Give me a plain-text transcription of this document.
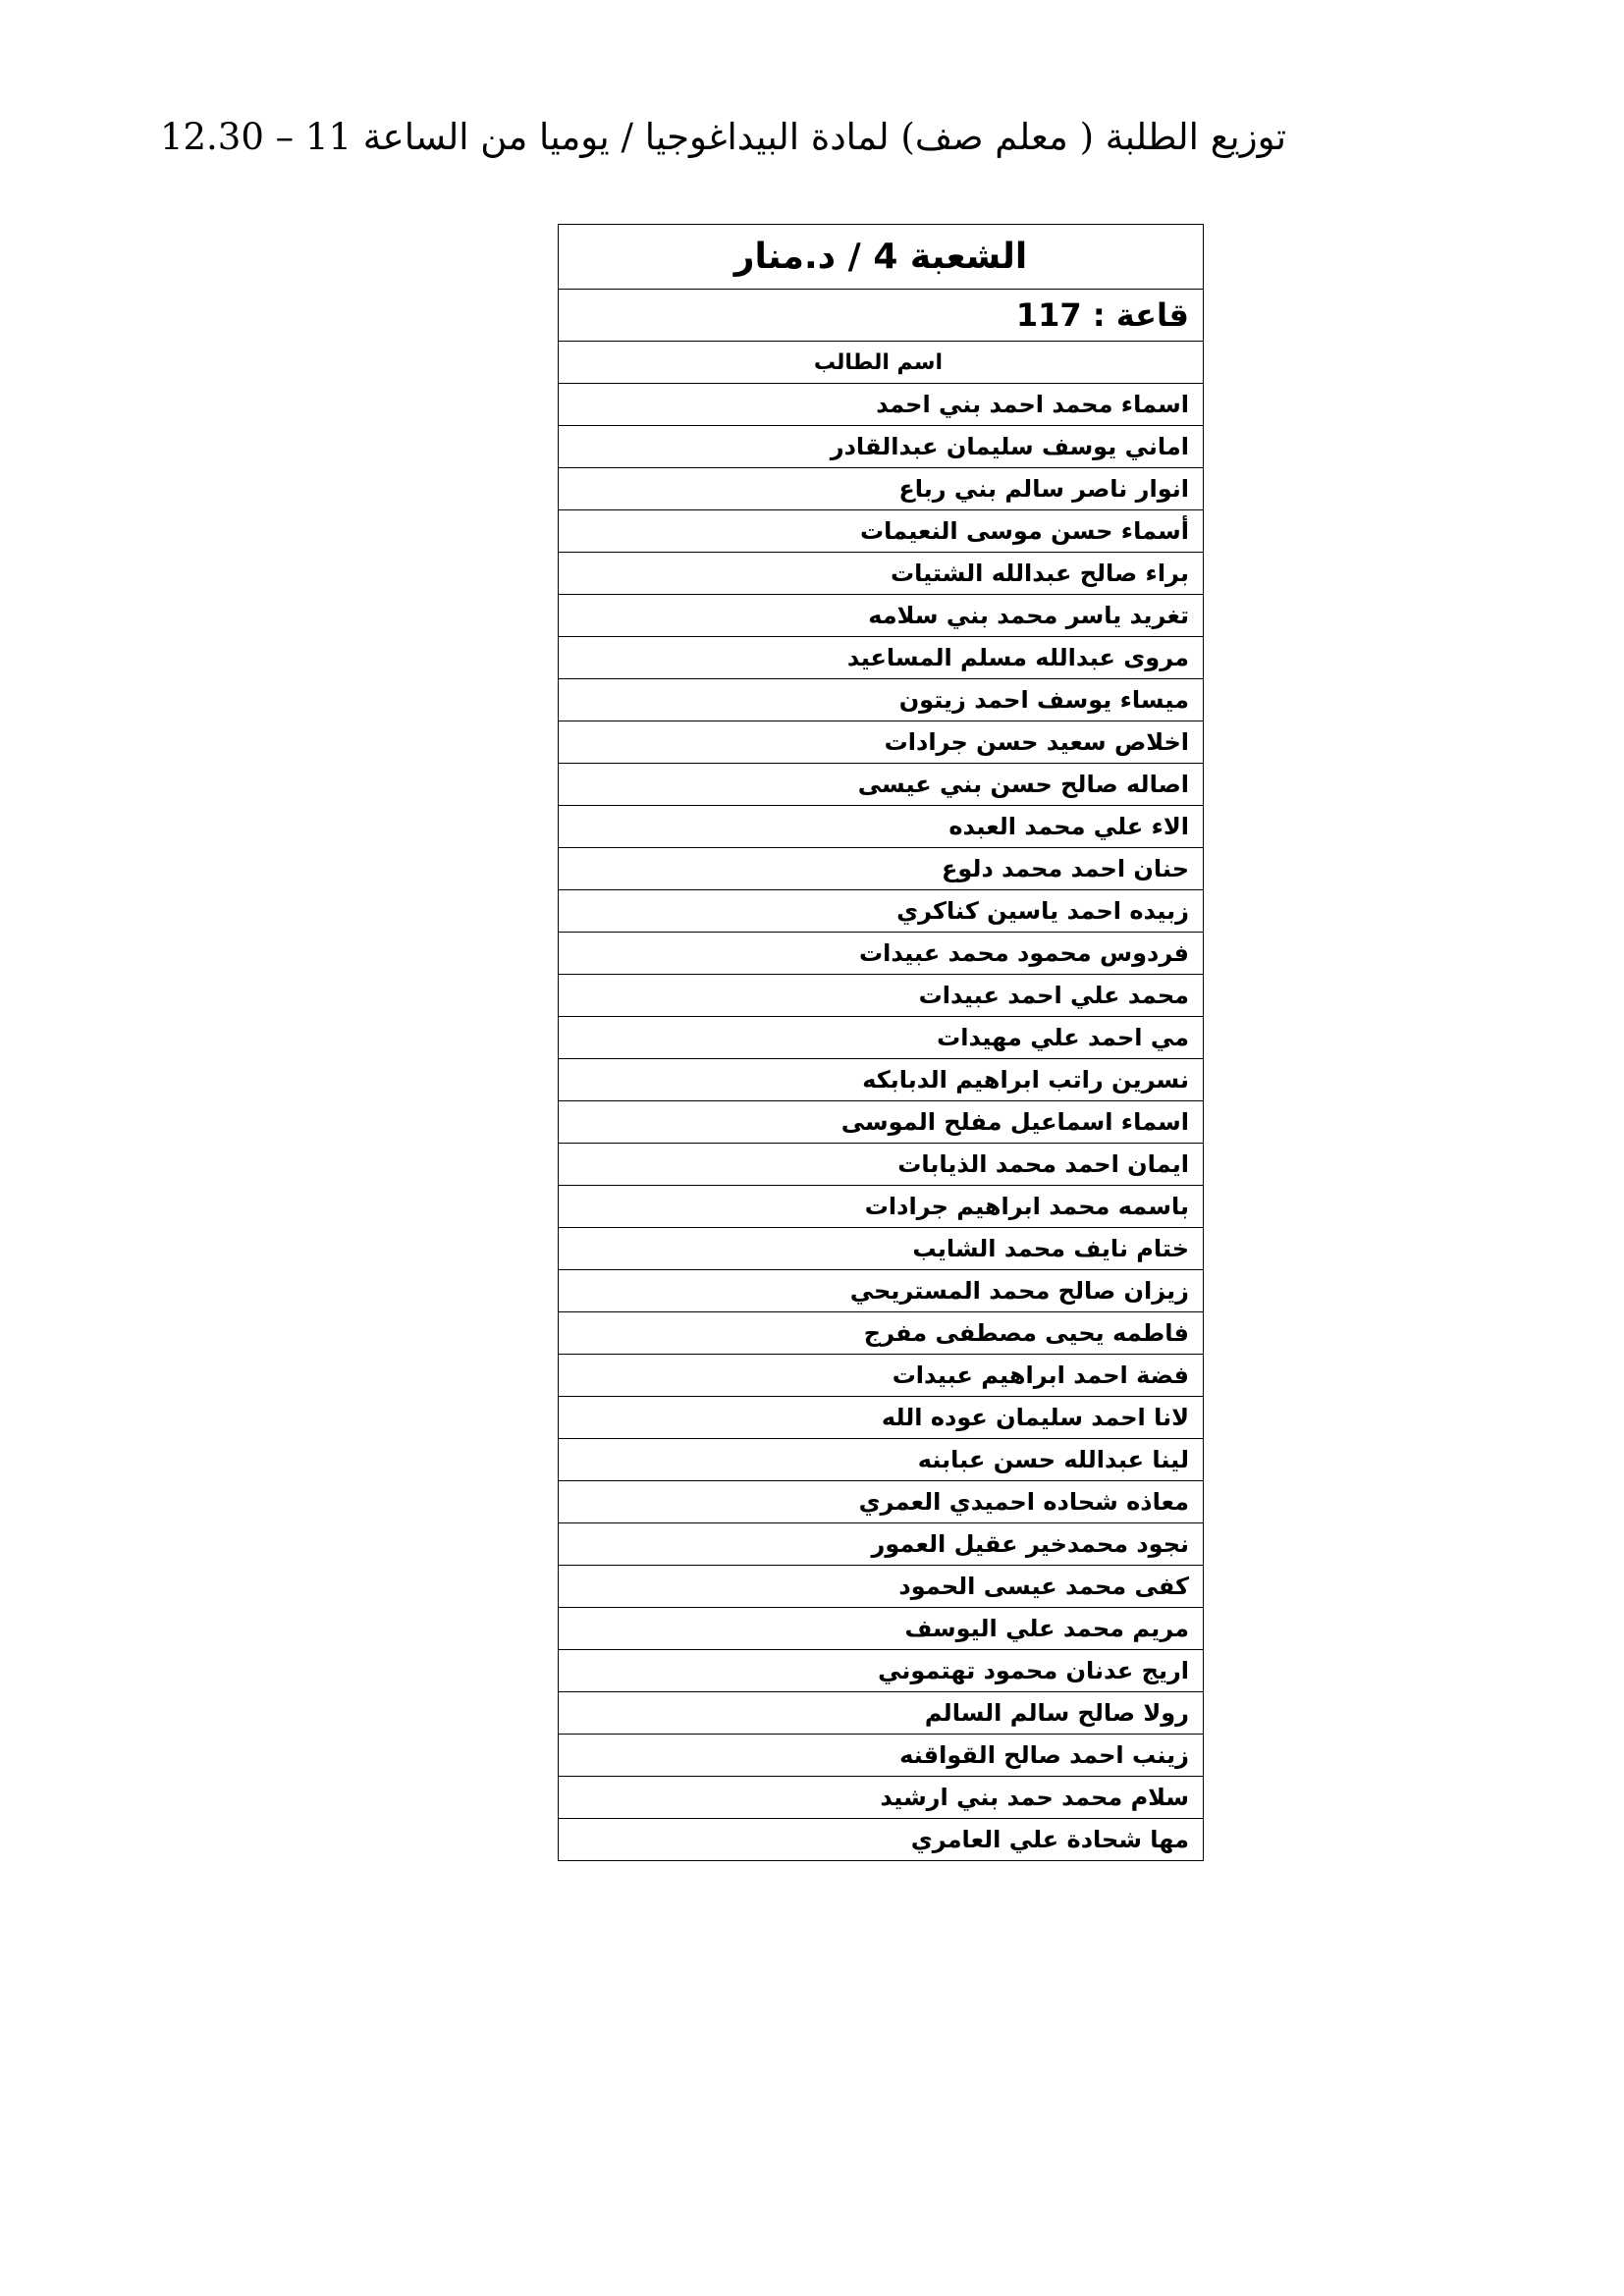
توزيع الطلبة ( معلم صف) لمادة البيداغوجيا / يوميا من الساعة 11 – 12.30
الشعبة 4 / د.منار
قاعة : 117
اسم الطالب
اسماء محمد احمد بني احمد
اماني يوسف سليمان عبدالقادر
انوار ناصر سالم بني رباع
أسماء حسن موسى النعيمات
براء صالح عبدالله الشتيات
تغريد ياسر محمد بني سلامه
مروى عبدالله مسلم المساعيد
ميساء يوسف احمد زيتون
اخلاص سعيد حسن جرادات
اصاله صالح حسن بني عيسى
الاء علي محمد العبده
حنان احمد محمد دلوع
زبيده احمد ياسين كناكري
فردوس محمود محمد عبيدات
محمد علي احمد عبيدات
مي احمد علي مهيدات
نسرين راتب ابراهيم الدبابكه
اسماء اسماعيل مفلح الموسى
ايمان احمد محمد الذيابات
باسمه محمد ابراهيم جرادات
ختام نايف محمد الشايب
زيزان صالح محمد المستريحي
فاطمه يحيى مصطفى مفرج
فضة احمد ابراهيم عبيدات
لانا احمد سليمان عوده الله
لينا عبدالله حسن عبابنه
معاذه شحاده احميدي العمري
نجود محمدخير عقيل العمور
كفى محمد عيسى الحمود
مريم محمد علي اليوسف
اريج عدنان محمود تهتموني
رولا صالح سالم السالم
زينب احمد صالح القواقنه
سلام محمد حمد بني ارشيد
مها شحادة علي العامري
